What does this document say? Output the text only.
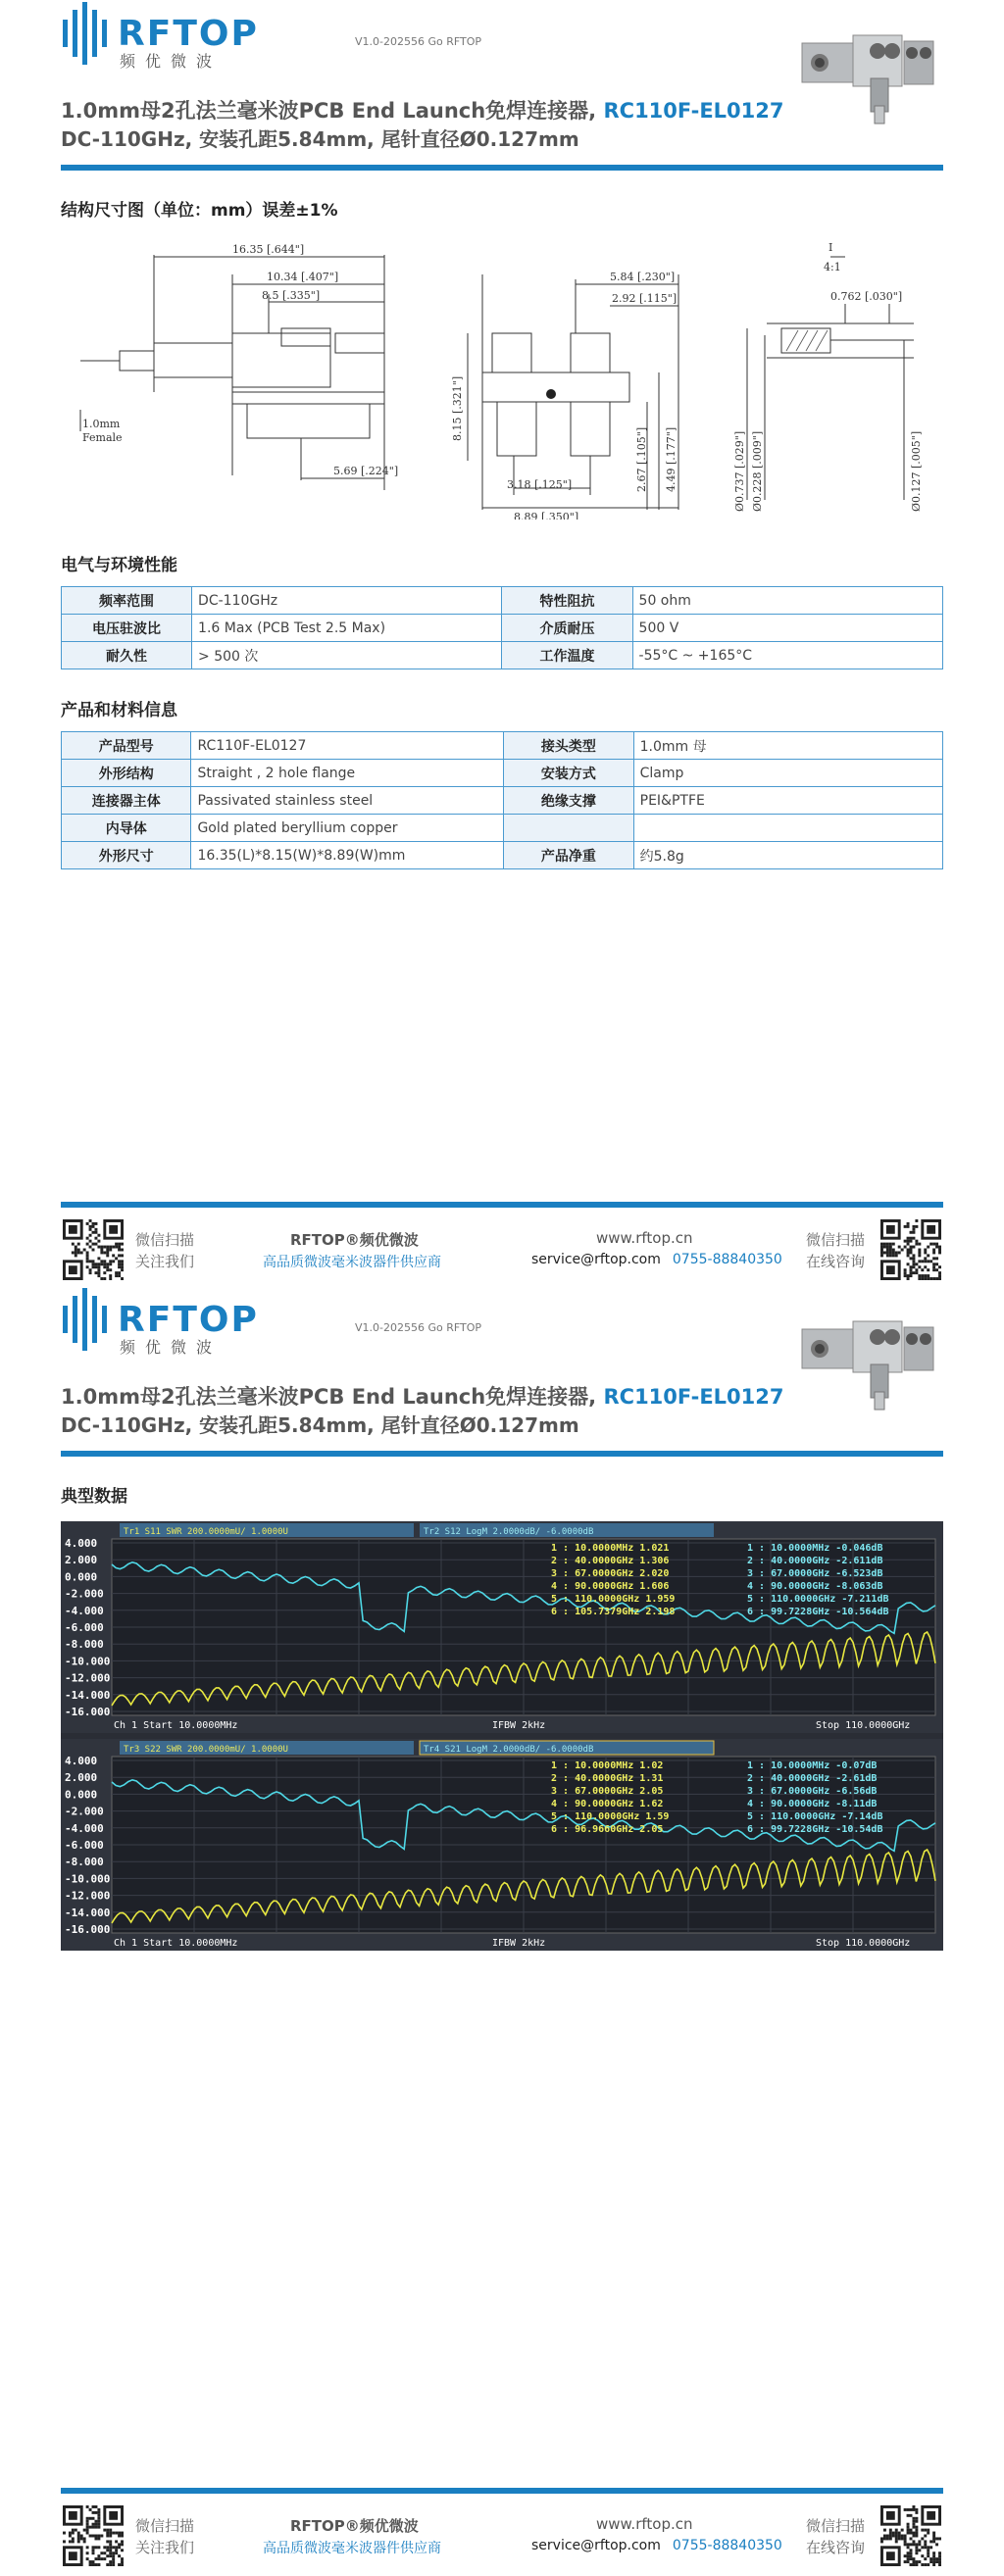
RFTOP
频优微波
V1.0-202556 Go RFTOP
1.0mm母2孔法兰毫米波PCB End Launch免焊连接器, RC110F-EL0127
DC-110GHz, 安装孔距5.84mm, 尾针直径Ø0.127mm
结构尺寸图（单位：mm）误差±1%
16.35 [.644"]
10.34 [.407"]
8.5 [.335"]
1.0mm
Female
5.69 [.224"]
5.84 [.230"]
2.92 [.115"]
8.15 [.321"]
2.67 [.105"] 4.49 [.177"]
3.18 [.125"]
8.89 [.350"]
I
4:1
0.762 [.030"]
Ø0.737 [.029"] Ø0.228 [.009"]	Ø0.127 [.005"]
电气与环境性能
频率范围	DC-110GHz	特性阻抗	50 ohm
电压驻波比	1.6 Max (PCB Test 2.5 Max)	介质耐压	500 V
耐久性	> 500 次	工作温度	-55°C ~ +165°C
产品和材料信息
产品型号	RC110F-EL0127	接头类型	1.0mm 母
外形结构	Straight , 2 hole flange	安装方式	Clamp
连接器主体	Passivated stainless steel	绝缘支撑	PEI&PTFE
内导体	Gold plated beryllium copper		
外形尺寸	16.35(L)*8.15(W)*8.89(W)mm	产品净重	约5.8g
微信扫描
关注我们
RFTOP®频优微波
高品质微波毫米波器件供应商
www.rftop.cn
service@rftop.com 0755-88840350
微信扫描
在线咨询
RFTOP
频优微波
V1.0-202556 Go RFTOP
1.0mm母2孔法兰毫米波PCB End Launch免焊连接器, RC110F-EL0127
DC-110GHz, 安装孔距5.84mm, 尾针直径Ø0.127mm
典型数据
Tr1 S11 SWR 200.0000mU/ 1.0000U	Tr2 S12 LogM 2.0000dB/ -6.0000dB
4.000
2.000
0.000
-2.000
-4.000
-6.000
-8.000
-10.000
-12.000
-14.000
-16.000
1 : 10.0000MHz 1.021
2 : 40.0000GHz 1.306
3 : 67.0000GHz 2.020
4 : 90.0000GHz 1.606
5 : 110.0000GHz 1.959
6 : 105.7379GHz 2.198
1 : 10.0000MHz -0.046dB
2 : 40.0000GHz -2.611dB
3 : 67.0000GHz -6.523dB
4 : 90.0000GHz -8.063dB
5 : 110.0000GHz -7.211dB
6 : 99.7228GHz -10.564dB
Ch 1 Start 10.0000MHz	IFBW 2kHz	Stop 110.0000GHz
Tr3 S22 SWR 200.0000mU/ 1.0000U	Tr4 S21 LogM 2.0000dB/ -6.0000dB
4.000
2.000
0.000
-2.000
-4.000
-6.000
-8.000
-10.000
-12.000
-14.000
-16.000
1 : 10.0000MHz 1.02
2 : 40.0000GHz 1.31
3 : 67.0000GHz 2.05
4 : 90.0000GHz 1.62
5 : 110.0000GHz 1.59
6 : 96.9660GHz 2.05
1 : 10.0000MHz -0.07dB
2 : 40.0000GHz -2.61dB
3 : 67.0000GHz -6.56dB
4 : 90.0000GHz -8.11dB
5 : 110.0000GHz -7.14dB
6 : 99.7228GHz -10.54dB
Ch 1 Start 10.0000MHz	IFBW 2kHz	Stop 110.0000GHz
微信扫描
关注我们
RFTOP®频优微波
高品质微波毫米波器件供应商
www.rftop.cn
service@rftop.com 0755-88840350
微信扫描
在线咨询
